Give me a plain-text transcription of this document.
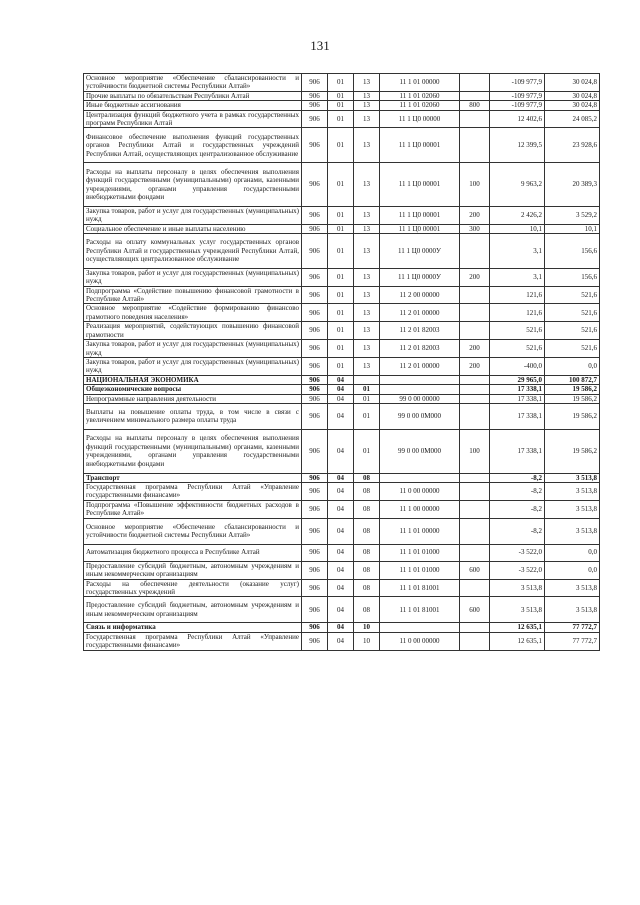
131
Основное мероприятие «Обеспечение сбалансированности и устойчивости бюджетной системы Республики Алтай»	906	01	13	11 1 01 00000		-109 977,9	30 024,8
Прочие выплаты по обязательствам Республики Алтай	906	01	13	11 1 01 02060		-109 977,9	30 024,8
Иные бюджетные ассигнования	906	01	13	11 1 01 02060	800	-109 977,9	30 024,8
Централизация функций бюджетного учета в рамках государственных программ Республики Алтай	906	01	13	11 1 Ц0 00000		12 402,6	24 085,2
Финансовое обеспечение выполнения функций государственных органов Республики Алтай и государственных учреждений Республики Алтай, осуществляющих централизованное обслуживание	906	01	13	11 1 Ц0 00001		12 399,5	23 928,6
Расходы на выплаты персоналу в целях обеспечения выполнения функций государственными (муниципальными) органами, казенными учреждениями, органами управления государственными внебюджетными фондами	906	01	13	11 1 Ц0 00001	100	9 963,2	20 389,3
Закупка товаров, работ и услуг для государственных (муниципальных) нужд	906	01	13	11 1 Ц0 00001	200	2 426,2	3 529,2
Социальное обеспечение и иные выплаты населению	906	01	13	11 1 Ц0 00001	300	10,1	10,1
Расходы на оплату коммунальных услуг государственных органов Республики Алтай и государственных учреждений Республики Алтай, осуществляющих централизованное обслуживание	906	01	13	11 1 Ц0 0000У		3,1	156,6
Закупка товаров, работ и услуг для государственных (муниципальных) нужд	906	01	13	11 1 Ц0 0000У	200	3,1	156,6
Подпрограмма «Содействие повышению финансовой грамотности в Республике Алтай»	906	01	13	11 2 00 00000		121,6	521,6
Основное мероприятие «Содействие формированию финансово грамотного поведения населения»	906	01	13	11 2 01 00000		121,6	521,6
Реализация мероприятий, содействующих повышению финансовой грамотности	906	01	13	11 2 01 82003		521,6	521,6
Закупка товаров, работ и услуг для государственных (муниципальных) нужд	906	01	13	11 2 01 82003	200	521,6	521,6
Закупка товаров, работ и услуг для государственных (муниципальных) нужд	906	01	13	11 2 01 00000	200	-400,0	0,0
НАЦИОНАЛЬНАЯ ЭКОНОМИКА	906	04				29 965,0	100 872,7
Общеэкономические вопросы	906	04	01			17 338,1	19 586,2
Непрограммные направления деятельности	906	04	01	99 0 00 00000		17 338,1	19 586,2
Выплаты на повышение оплаты труда, в том числе в связи с увеличением минимального размера оплаты труда	906	04	01	99 0 00 0M000		17 338,1	19 586,2
Расходы на выплаты персоналу в целях обеспечения выполнения функций государственными (муниципальными) органами, казенными учреждениями, органами управления государственными внебюджетными фондами	906	04	01	99 0 00 0M000	100	17 338,1	19 586,2
Транспорт	906	04	08			-8,2	3 513,8
Государственная программа Республики Алтай «Управление государственными финансами»	906	04	08	11 0 00 00000		-8,2	3 513,8
Подпрограмма «Повышение эффективности бюджетных расходов в Республике Алтай»	906	04	08	11 1 00 00000		-8,2	3 513,8
Основное мероприятие «Обеспечение сбалансированности и устойчивости бюджетной системы Республики Алтай»	906	04	08	11 1 01 00000		-8,2	3 513,8
Автоматизация бюджетного процесса в Республике Алтай	906	04	08	11 1 01 01000		-3 522,0	0,0
Предоставление субсидий бюджетным, автономным учреждениям и иным некоммерческим организациям	906	04	08	11 1 01 01000	600	-3 522,0	0,0
Расходы на обеспечение деятельности (оказание услуг) государственных учреждений	906	04	08	11 1 01 81001		3 513,8	3 513,8
Предоставление субсидий бюджетным, автономным учреждениям и иным некоммерческим организациям	906	04	08	11 1 01 81001	600	3 513,8	3 513,8
Связь и информатика	906	04	10			12 635,1	77 772,7
Государственная программа Республики Алтай «Управление государственными финансами»	906	04	10	11 0 00 00000		12 635,1	77 772,7
